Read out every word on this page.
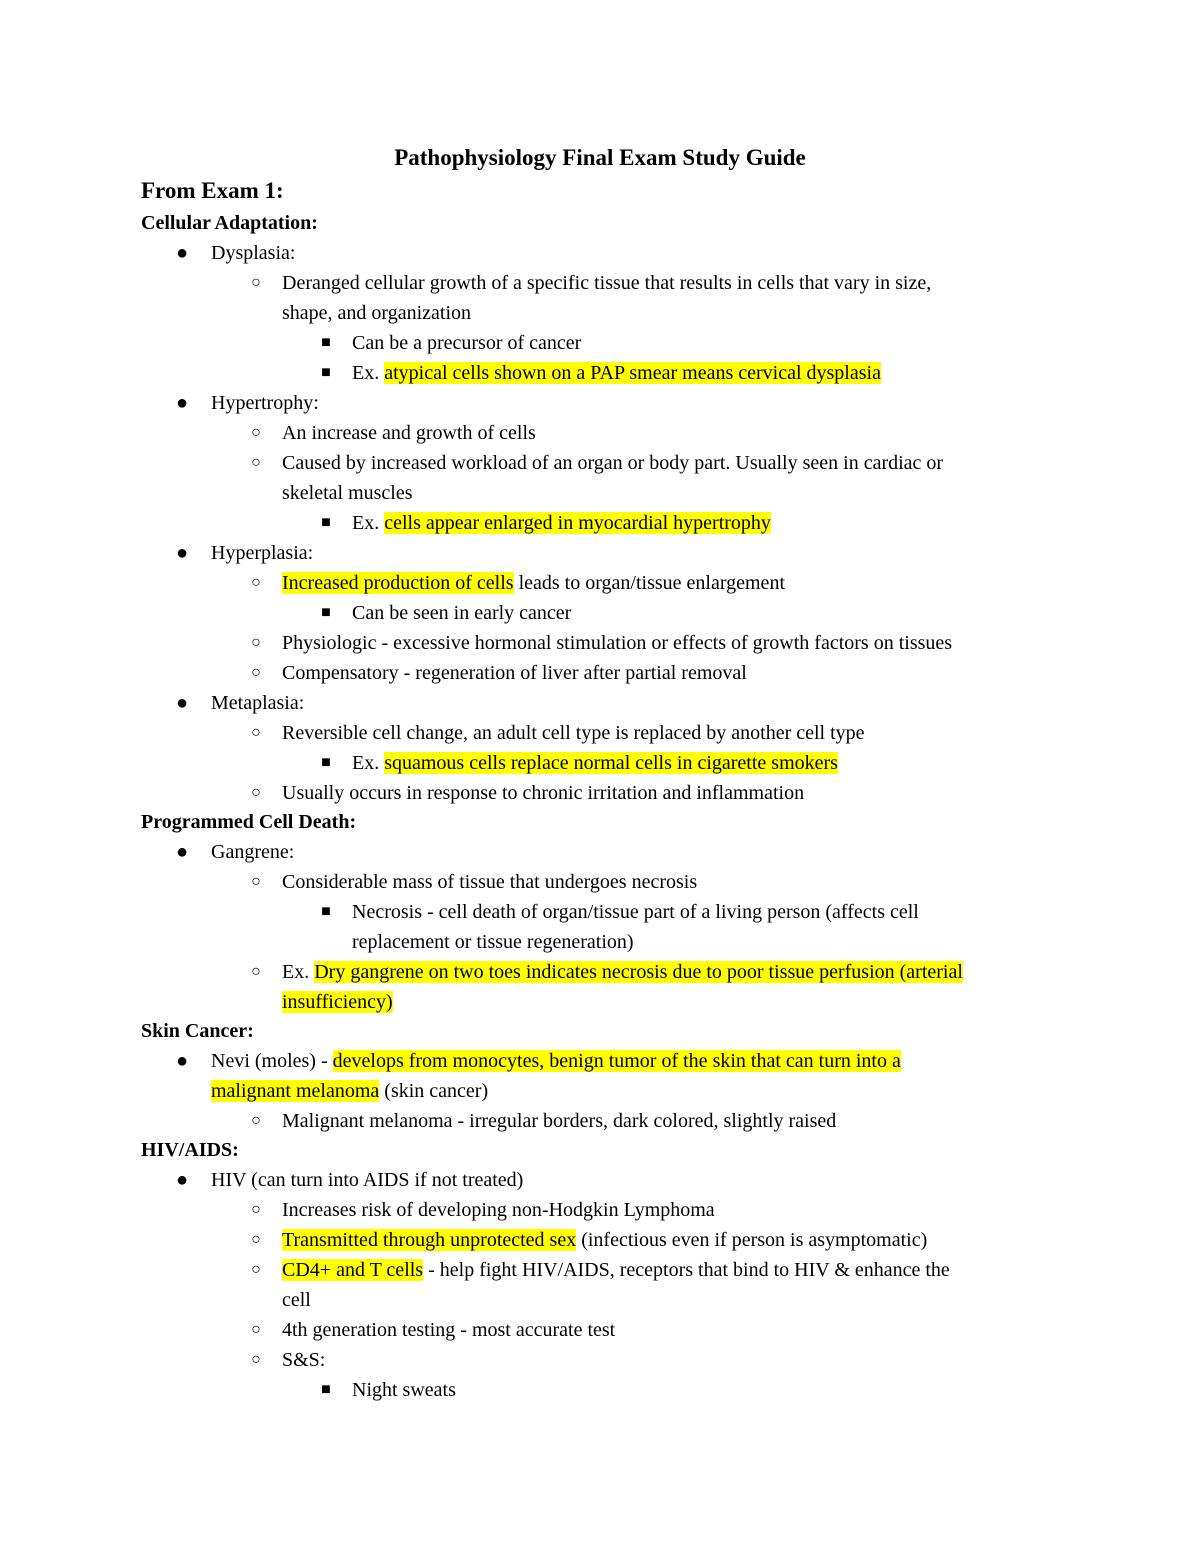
Pathophysiology Final Exam Study Guide
From Exam 1:
Cellular Adaptation:
● Dysplasia:
○ Deranged cellular growth of a specific tissue that results in cells that vary in size,
shape, and organization
■ Can be a precursor of cancer
■ Ex. atypical cells shown on a PAP smear means cervical dysplasia
● Hypertrophy:
○ An increase and growth of cells
○ Caused by increased workload of an organ or body part. Usually seen in cardiac or
skeletal muscles
■ Ex. cells appear enlarged in myocardial hypertrophy
● Hyperplasia:
○ Increased production of cells leads to organ/tissue enlargement
■ Can be seen in early cancer
○ Physiologic - excessive hormonal stimulation or effects of growth factors on tissues
○ Compensatory - regeneration of liver after partial removal
● Metaplasia:
○ Reversible cell change, an adult cell type is replaced by another cell type
■ Ex. squamous cells replace normal cells in cigarette smokers
○ Usually occurs in response to chronic irritation and inflammation
Programmed Cell Death:
● Gangrene:
○ Considerable mass of tissue that undergoes necrosis
■ Necrosis - cell death of organ/tissue part of a living person (affects cell
replacement or tissue regeneration)
○ Ex. Dry gangrene on two toes indicates necrosis due to poor tissue perfusion (arterial
insufficiency)
Skin Cancer:
● Nevi (moles) - develops from monocytes, benign tumor of the skin that can turn into a
malignant melanoma (skin cancer)
○ Malignant melanoma - irregular borders, dark colored, slightly raised
HIV/AIDS:
● HIV (can turn into AIDS if not treated)
○ Increases risk of developing non-Hodgkin Lymphoma
○ Transmitted through unprotected sex (infectious even if person is asymptomatic)
○ CD4+ and T cells - help fight HIV/AIDS, receptors that bind to HIV & enhance the
cell
○ 4th generation testing - most accurate test
○ S&S:
■ Night sweats
